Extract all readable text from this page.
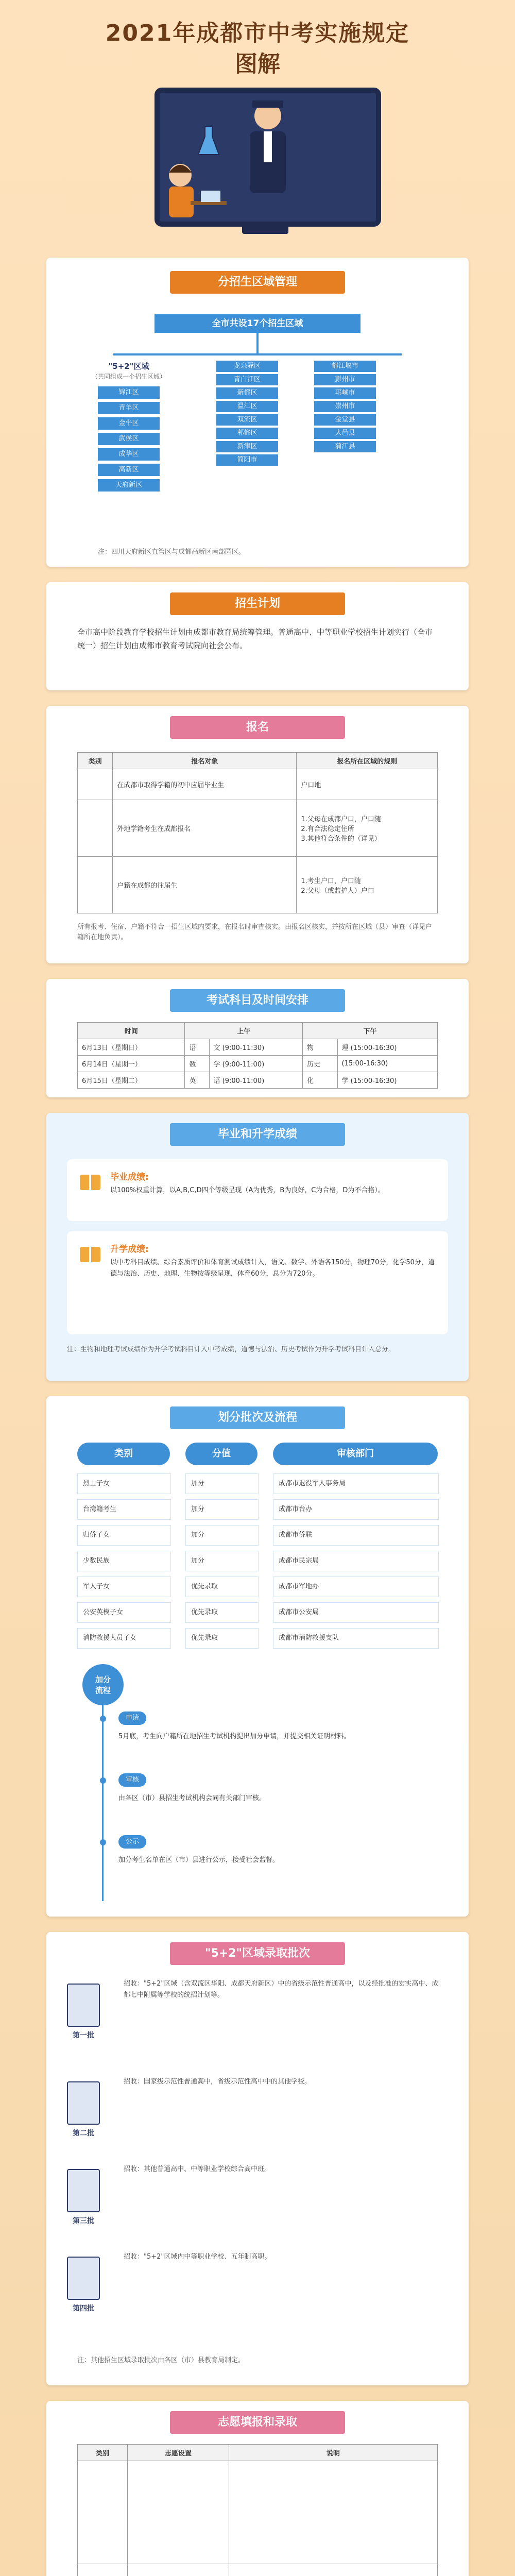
2021年成都市中考实施规定
图解
分招生区域管理
全市共设17个招生区域
"5+2"区域
（共同组成一个招生区域）
锦江区
青羊区
金牛区
武侯区
成华区
高新区
天府新区
龙泉驿区
青白江区
新都区
温江区
双流区
郫都区
新津区
简阳市
都江堰市
彭州市
邛崃市
崇州市
金堂县
大邑县
蒲江县
注：四川天府新区直管区与成都高新区南部园区。
招生计划
全市高中阶段教育学校招生计划由成都市教育局统筹管理。普通高中、中等职业学校招生计划实行（全市统一）招生计划由成都市教育考试院向社会公布。
报名
类别	报名对象	报名所在区域的规则
	在成都市取得学籍的初中应届毕业生	户口地
	外地学籍考生在成都报名	1.父母在成都户口，户口随
2.有合法稳定住所
3.其他符合条件的（详见）
	户籍在成都的往届生	1.考生户口，户口随
2.父母（或监护人）户口
所有报考、住宿、户籍不符合一招生区域内要求，在报名时审查核实。由报名区核实，并按所在区域（县）审查（详见户籍所在地负责）。
考试科目及时间安排
时间	上午		下午	
6月13日（星期日）	语	文 (9:00-11:30)	物	理 (15:00-16:30)
6月14日（星期一）	数	学 (9:00-11:00)	历史	(15:00-16:30)
6月15日（星期二）	英	语 (9:00-11:00)	化	学 (15:00-16:30)
毕业和升学成绩
毕业成绩:
以100%权重计算，以A,B,C,D四个等级呈现（A为优秀，B为良好，C为合格，D为不合格）。
升学成绩:
以中考科目成绩、综合素质评价和体育测试成绩计入，语文、数学、外语各150分，物理70分，化学50分，道德与法治、历史、地理、生物按等级呈现，体育60分，总分为720分。
注：生物和地理考试成绩作为升学考试科目计入中考成绩，道德与法治、历史考试作为升学考试科目计入总分。
划分批次及流程
类别	分值	审核部门
烈士子女	加分	成都市退役军人事务局
台湾籍考生	加分	成都市台办
归侨子女	加分	成都市侨联
少数民族	加分	成都市民宗局
军人子女	优先录取	成都市军地办
公安英模子女	优先录取	成都市公安局
消防救援人员子女	优先录取	成都市消防救援支队
加分
流程
申请
5月底，考生向户籍所在地招生考试机构提出加分申请，并提交相关证明材料。
审核
由各区（市）县招生考试机构会同有关部门审核。
公示
加分考生名单在区（市）县进行公示，接受社会监督。
"5+2"区域录取批次
第一批
招收："5+2"区域（含双流区华阳、成都天府新区）中的省级示范性普通高中，以及经批准的宏实高中、成都七中附属等学校的统招计划等。
第二批
招收：国家级示范性普通高中，省级示范性高中中的其他学校。
第三批
招收：其他普通高中、中等职业学校综合高中班。
第四批
招收："5+2"区域内中等职业学校、五年制高职。
注：其他招生区域录取批次由各区（市）县教育局制定。
志愿填报和录取
类别	志愿设置	说明
